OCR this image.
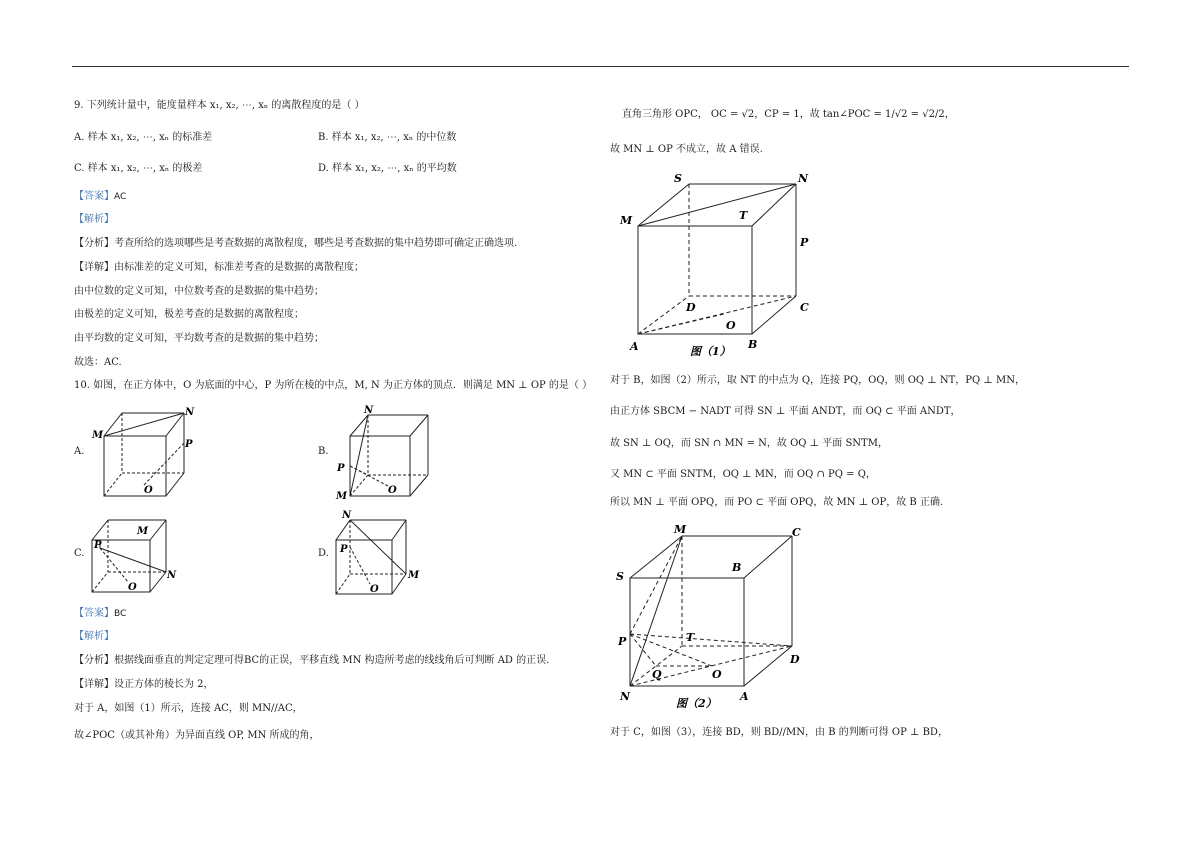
9. 下列统计量中，能度量样本 x₁, x₂, ⋯, xₙ 的离散程度的是（ ）
A. 样本 x₁, x₂, ⋯, xₙ 的标准差	B. 样本 x₁, x₂, ⋯, xₙ 的中位数
C. 样本 x₁, x₂, ⋯, xₙ 的极差	D. 样本 x₁, x₂, ⋯, xₙ 的平均数
【答案】AC
【解析】
【分析】考查所给的选项哪些是考查数据的离散程度，哪些是考查数据的集中趋势即可确定正确选项.
【详解】由标准差的定义可知，标准差考查的是数据的离散程度；
由中位数的定义可知，中位数考查的是数据的集中趋势；
由极差的定义可知，极差考查的是数据的离散程度；
由平均数的定义可知，平均数考查的是数据的集中趋势；
故选：AC.
10. 如图，在正方体中，O 为底面的中心，P 为所在棱的中点，M, N 为正方体的顶点．则满足 MN ⊥ OP 的是（ ）
A.
M
N
P
O
B.
N
P
M
O
C.
M
P
N
O
D.
N
P
M
O
【答案】BC
【解析】
【分析】根据线面垂直的判定定理可得BC的正误，平移直线 MN 构造所考虑的线线角后可判断 AD 的正误.
【详解】设正方体的棱长为 2，
对于 A，如图（1）所示，连接 AC，则 MN//AC，
故∠POC（或其补角）为异面直线 OP, MN 所成的角，
直角三角形 OPC， OC = √2，CP = 1，故 tan∠POC = 1/√2 = √2/2，
故 MN ⊥ OP 不成立，故 A 错误.
S	N
M	T
P
D
O
C
A	B
图（1）
对于 B，如图（2）所示，取 NT 的中点为 Q，连接 PQ，OQ，则 OQ ⊥ NT，PQ ⊥ MN，
由正方体 SBCM − NADT 可得 SN ⊥ 平面 ANDT，而 OQ ⊂ 平面 ANDT，
故 SN ⊥ OQ，而 SN ∩ MN = N，故 OQ ⊥ 平面 SNTM，
又 MN ⊂ 平面 SNTM，OQ ⊥ MN，而 OQ ∩ PQ = Q，
所以 MN ⊥ 平面 OPQ，而 PO ⊂ 平面 OPQ，故 MN ⊥ OP，故 B 正确.
M	C
S
B
P	T
Q	O
D
N	A
图（2）
对于 C，如图（3），连接 BD，则 BD//MN，由 B 的判断可得 OP ⊥ BD，
